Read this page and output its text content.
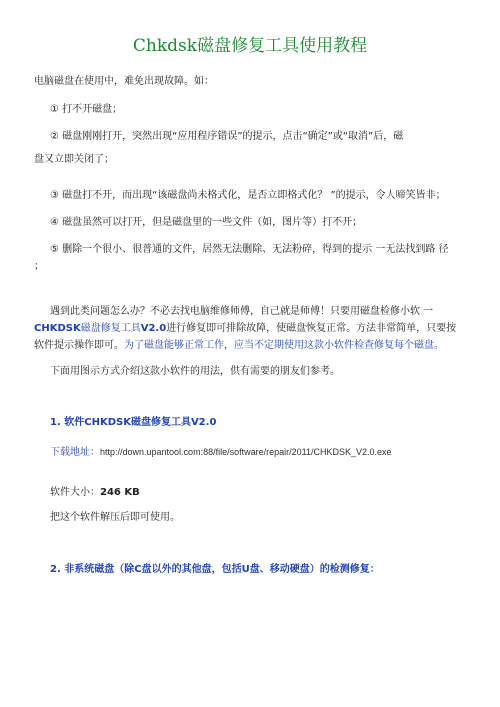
Chkdsk磁盘修复工具使用教程
电脑磁盘在使用中，难免出现故障。如：
① 打不开磁盘；
② 磁盘刚刚打开，突然出现“应用程序错误”的提示，点击“确定”或“取消”后，磁
盘又立即关闭了；
③ 磁盘打不开，而出现“该磁盘尚未格式化，是否立即格式化？ ”的提示，令人啼笑皆非；
④ 磁盘虽然可以打开，但是磁盘里的一些文件（如，图片等）打不开；
⑤ 删除一个很小、很普通的文件，居然无法删除、无法粉碎，得到的提示 一无法找到路 径
；
遇到此类问题怎么办？不必去找电脑维修师傅，自己就是师傅！只要用磁盘检修小软 一
CHKDSK磁盘修复工具V2.0进行修复即可排除故障，使磁盘恢复正常。方法非常简单，只要按
软件提示操作即可。为了磁盘能够正常工作，应当不定期使用这款小软件检查修复每个磁盘。
下面用图示方式介绍这款小软件的用法，供有需要的朋友们参考。
1. 软件CHKDSK磁盘修复工具V2.0
下载地址：http://down.upantool.com:88/file/software/repair/2011/CHKDSK_V2.0.exe
软件大小：246 KB
把这个软件解压后即可使用。
2. 非系统磁盘（除C盘以外的其他盘，包括U盘、移动硬盘）的检测修复：
